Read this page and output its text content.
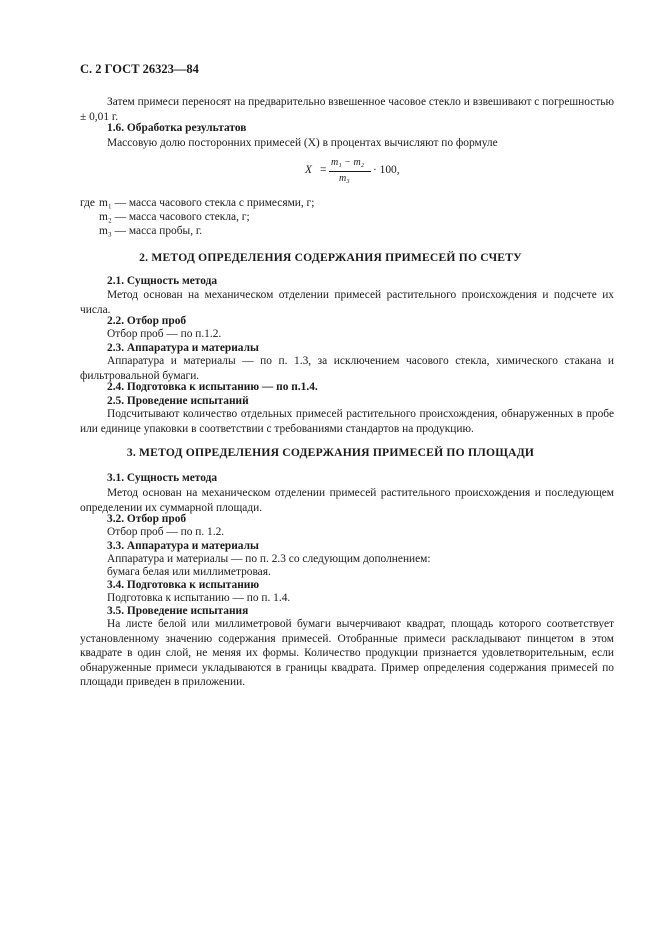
С. 2 ГОСТ 26323—84
Затем примеси переносят на предварительно взвешенное часовое стекло и взвешивают с погрешностью ± 0,01 г.
1.6. Обработка результатов
Массовую долю посторонних примесей (X) в процентах вычисляют по формуле
X =
m₁ − m₂
m₃
· 100,
где m₁ — масса часового стекла с примесями, г;
m₂ — масса часового стекла, г;
m₃ — масса пробы, г.
2. МЕТОД ОПРЕДЕЛЕНИЯ СОДЕРЖАНИЯ ПРИМЕСЕЙ ПО СЧЕТУ
2.1. Сущность метода
Метод основан на механическом отделении примесей растительного происхождения и подсчете их числа.
2.2. Отбор проб
Отбор проб — по п.1.2.
2.3. Аппаратура и материалы
Аппаратура и материалы — по п. 1.3, за исключением часового стекла, химического стакана и фильтровальной бумаги.
2.4. Подготовка к испытанию — по п.1.4.
2.5. Проведение испытаний
Подсчитывают количество отдельных примесей растительного происхождения, обнаруженных в пробе или единице упаковки в соответствии с требованиями стандартов на продукцию.
3. МЕТОД ОПРЕДЕЛЕНИЯ СОДЕРЖАНИЯ ПРИМЕСЕЙ ПО ПЛОЩАДИ
3.1. Сущность метода
Метод основан на механическом отделении примесей растительного происхождения и последующем определении их суммарной площади.
3.2. Отбор проб
Отбор проб — по п. 1.2.
3.3. Аппаратура и материалы
Аппаратура и материалы — по п. 2.3 со следующим дополнением:
бумага белая или миллиметровая.
3.4. Подготовка к испытанию
Подготовка к испытанию — по п. 1.4.
3.5. Проведение испытания
На листе белой или миллиметровой бумаги вычерчивают квадрат, площадь которого соответствует установленному значению содержания примесей. Отобранные примеси раскладывают пинцетом в этом квадрате в один слой, не меняя их формы. Количество продукции признается удовлетворительным, если обнаруженные примеси укладываются в границы квадрата. Пример определения содержания примесей по площади приведен в приложении.
